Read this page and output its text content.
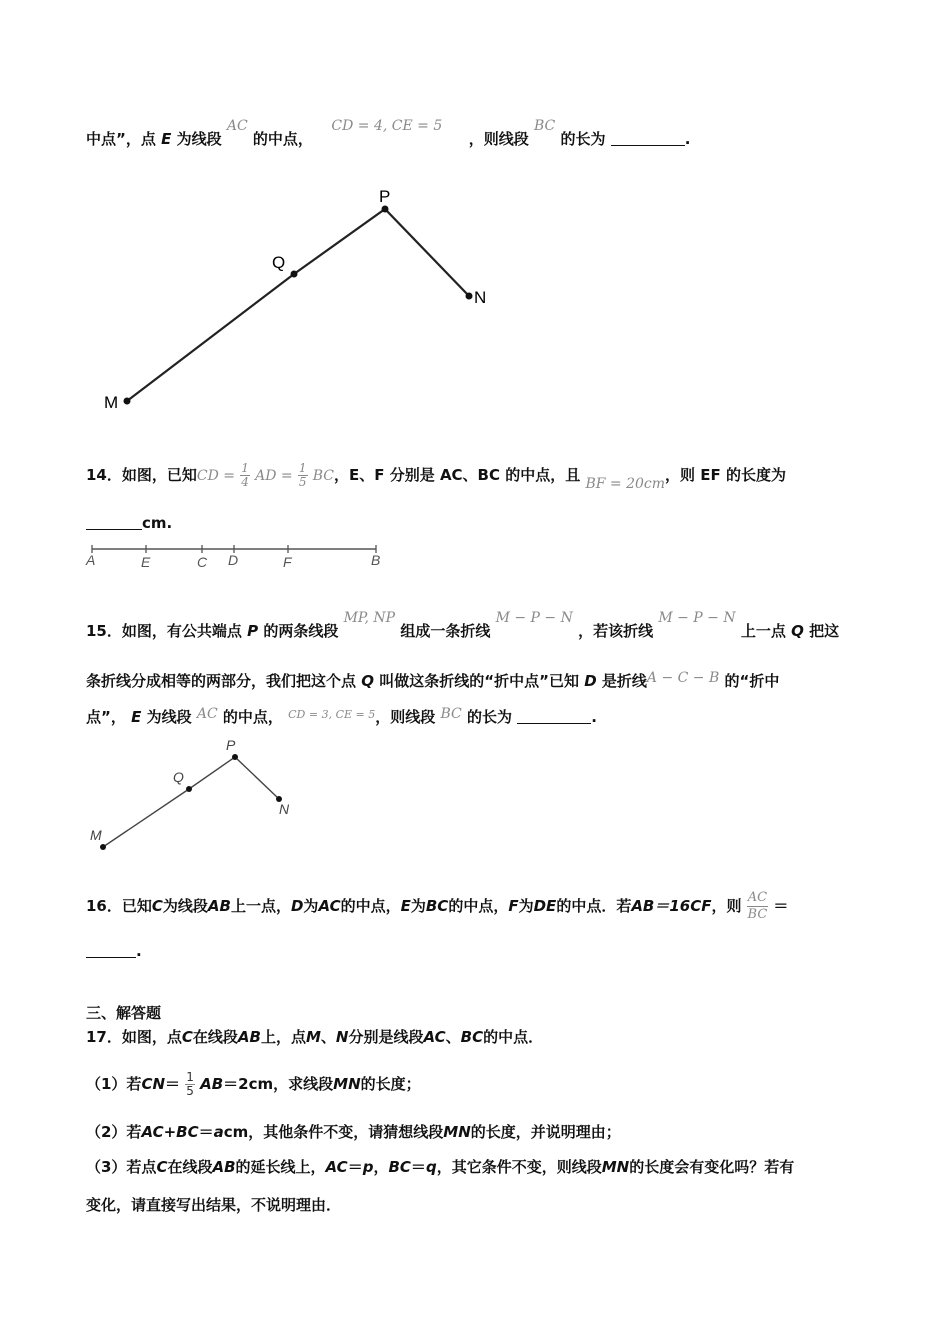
中点”，点 E 为线段 AC 的中点，  CD = 4, CE = 5  ，则线段 BC 的长为	.
P
Q
N
M
14．如图，已知CD = $\frac{1}{4}$ AD = $\frac{1}{5}$ BC，E、F 分别是 AC、BC 的中点，且 BF = 20cm，则 EF 的长度为
cm.
A	E	C D	F	B
15．如图，有公共端点 P 的两条线段 MP, NP 组成一条折线 M − P − N ，若该折线 M − P − N 上一点 Q 把这
条折线分成相等的两部分，我们把这个点 Q 叫做这条折线的“折中点”已知 D 是折线A − C − B 的“折中
点”， E 为线段 AC 的中点， $^{CD = 3, CE = 5}$，则线段 BC 的长为	.
P
Q
N
M
16．已知C为线段AB上一点，D为AC的中点，E为BC的中点，F为DE的中点．若AB＝16CF，则 $\frac{AC}{BC}$ ＝
.
三、解答题
17．如图，点C在线段AB上，点M、N分别是线段AC、BC的中点．
（1）若$CN= \frac{1}{5} AB=2cm$，求线段MN的长度；
（2）若AC+BC＝acm，其他条件不变，请猜想线段MN的长度，并说明理由；
（3）若点C在线段AB的延长线上，AC＝p，BC＝q，其它条件不变，则线段MN的长度会有变化吗？若有
变化，请直接写出结果，不说明理由．
